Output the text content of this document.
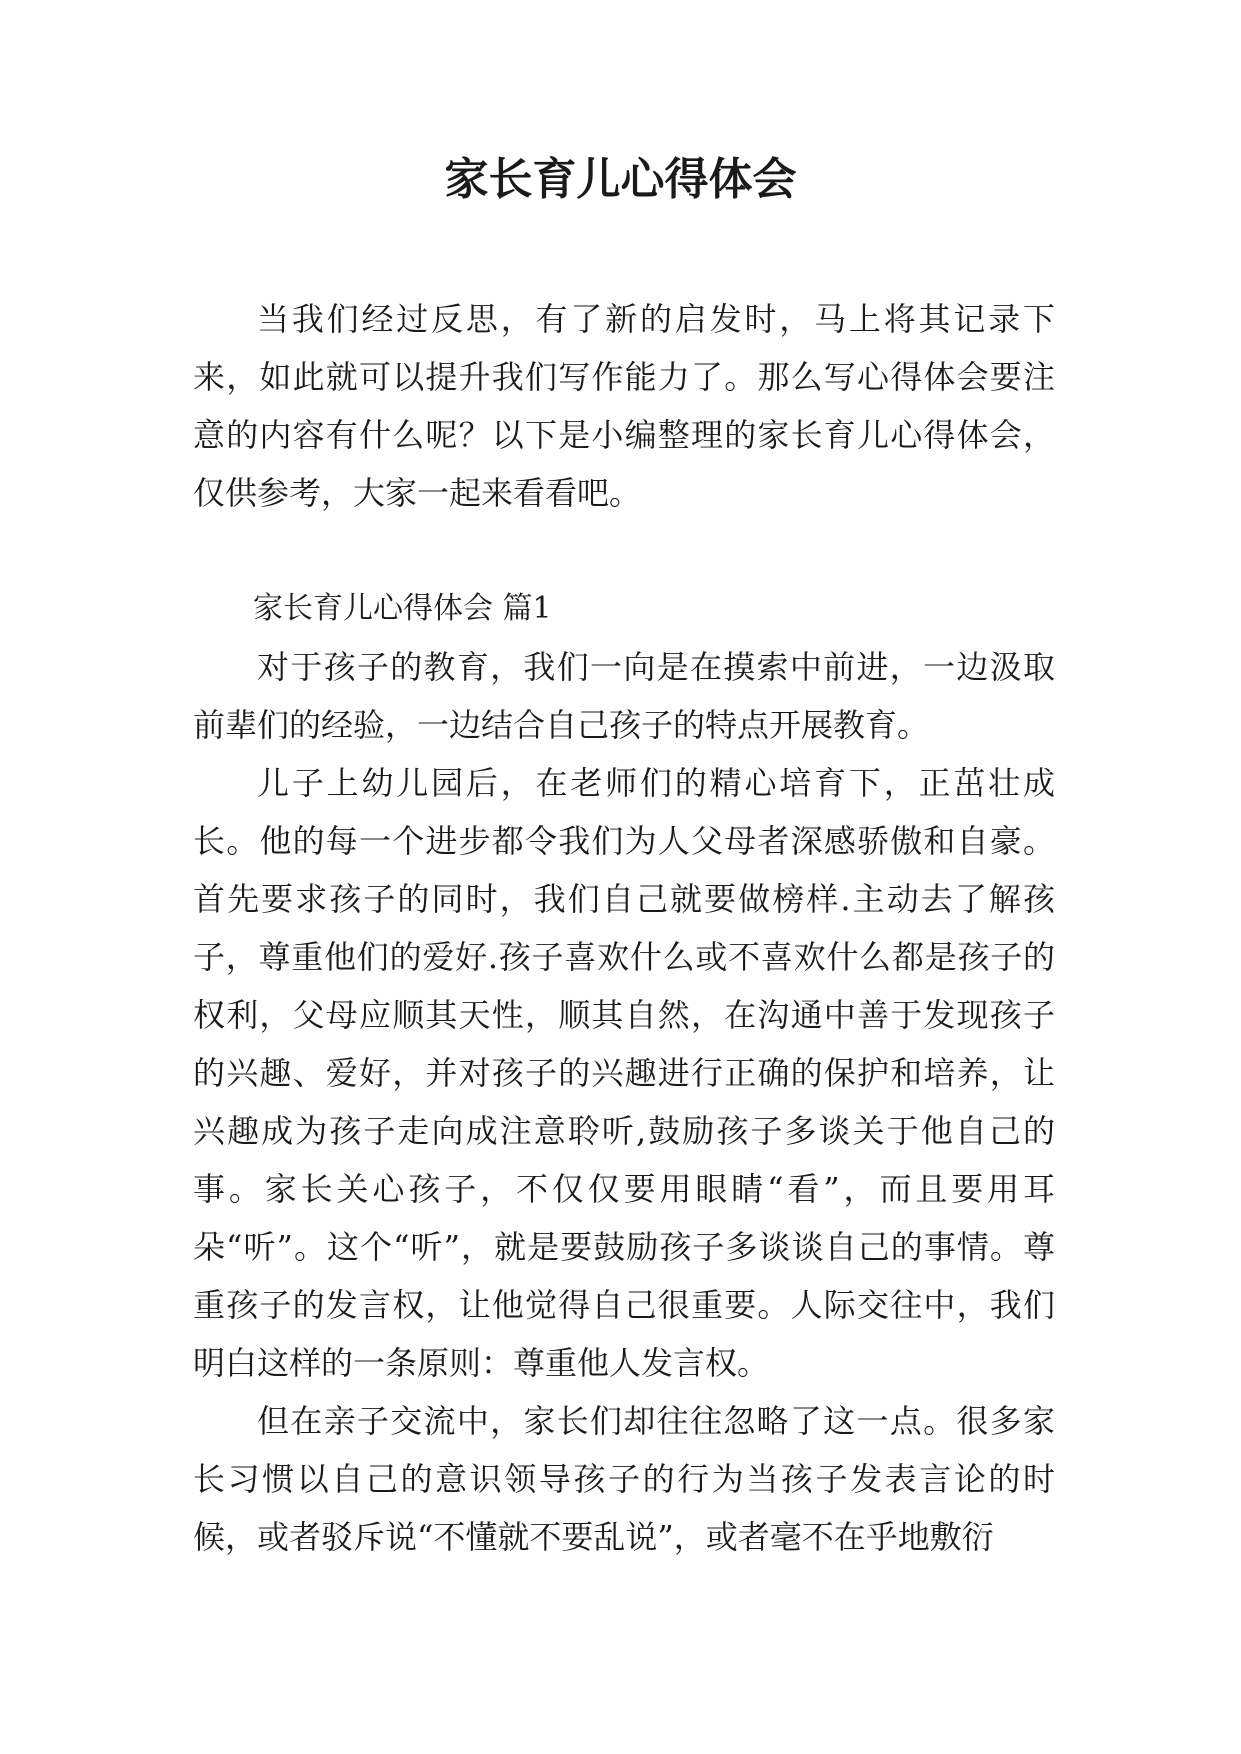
家长育儿心得体会

当我们经过反思，有了新的启发时，马上将其记录下来，如此就可以提升我们写作能力了。那么写心得体会要注意的内容有什么呢？以下是小编整理的家长育儿心得体会，仅供参考，大家一起来看看吧。

家长育儿心得体会 篇1

对于孩子的教育，我们一向是在摸索中前进，一边汲取前辈们的经验，一边结合自己孩子的特点开展教育。

儿子上幼儿园后，在老师们的精心培育下，正茁壮成长。他的每一个进步都令我们为人父母者深感骄傲和自豪。首先要求孩子的同时，我们自己就要做榜样.主动去了解孩子，尊重他们的爱好.孩子喜欢什么或不喜欢什么都是孩子的权利，父母应顺其天性，顺其自然，在沟通中善于发现孩子的兴趣、爱好，并对孩子的兴趣进行正确的保护和培养，让兴趣成为孩子走向成注意聆听,鼓励孩子多谈关于他自己的事。家长关心孩子，不仅仅要用眼睛“看”，而且要用耳朵“听”。这个“听”，就是要鼓励孩子多谈谈自己的事情。尊重孩子的发言权，让他觉得自己很重要。人际交往中，我们明白这样的一条原则：尊重他人发言权。

但在亲子交流中，家长们却往往忽略了这一点。很多家长习惯以自己的意识领导孩子的行为当孩子发表言论的时候，或者驳斥说“不懂就不要乱说”，或者毫不在乎地敷衍
